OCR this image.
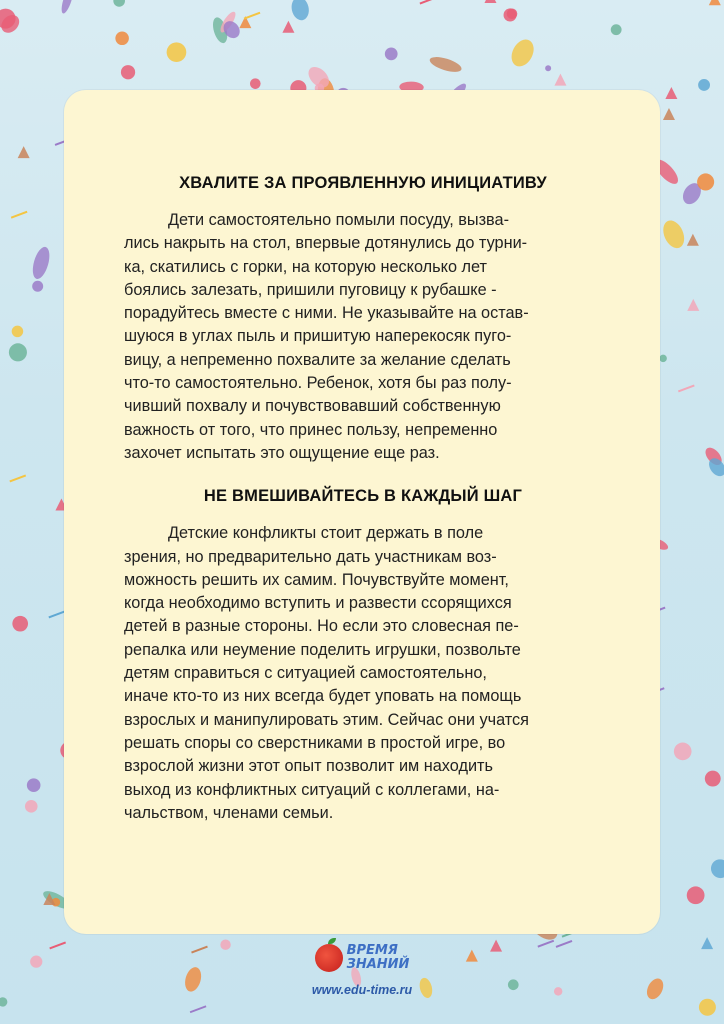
ХВАЛИТЕ ЗА ПРОЯВЛЕННУЮ ИНИЦИАТИВУ

Дети самостоятельно помыли посуду, вызва-
лись накрыть на стол, впервые дотянулись до турни-
ка, скатились с горки, на которую несколько лет
боялись залезать, пришили пуговицу к рубашке -
порадуйтесь вместе с ними. Не указывайте на остав-
шуюся в углах пыль и пришитую наперекосяк пуго-
вицу, а непременно похвалите за желание сделать
что-то самостоятельно. Ребенок, хотя бы раз полу-
чивший похвалу и почувствовавший собственную
важность от того, что принес пользу, непременно
захочет испытать это ощущение еще раз.

НЕ ВМЕШИВАЙТЕСЬ В КАЖДЫЙ ШАГ

Детские конфликты стоит держать в поле
зрения, но предварительно дать участникам воз-
можность решить их самим. Почувствуйте момент,
когда необходимо вступить и развести ссорящихся
детей в разные стороны. Но если это словесная пе-
репалка или неумение поделить игрушки, позвольте
детям справиться с ситуацией самостоятельно,
иначе кто-то из них всегда будет уповать на помощь
взрослых и манипулировать этим. Сейчас они учатся
решать споры со сверстниками в простой игре, во
взрослой жизни этот опыт позволит им находить
выход из конфликтных ситуаций с коллегами, на-
чальством, членами семьи.

ВРЕМЯ
ЗНАНИЙ
www.edu-time.ru
